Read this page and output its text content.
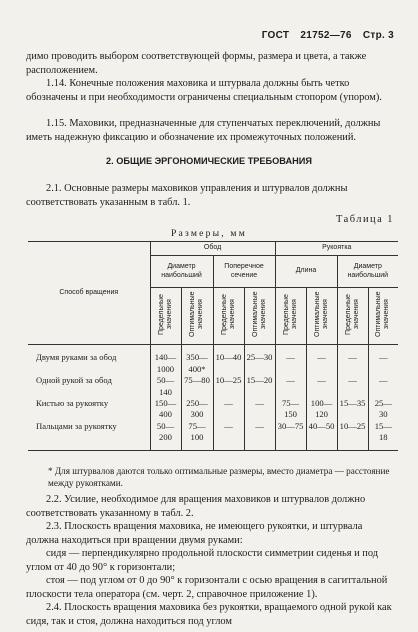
ГОСТ 21752—76 Стр. 3
димо проводить выбором соответствующей формы, размера и цвета, а также расположением.
1.14. Конечные положения маховика и штурвала должны быть четко обозначены и при необходимости ограничены специальным стопором (упором).
1.15. Маховики, предназначенные для ступенчатых переключений, должны иметь надежную фиксацию и обозначение их промежуточных положений.
2. ОБЩИЕ ЭРГОНОМИЧЕСКИЕ ТРЕБОВАНИЯ
2.1. Основные размеры маховиков управления и штурвалов должны соответствовать указанным в табл. 1.
Таблица 1
Размеры, мм
Способ вращения	Обод				Рукоятка			
	Диаметр наибольший		Поперечное сечение		Длина		Диаметр наибольший	
	Предельные значения	Оптимальные значения	Предельные значения	Оптимальные значения	Предельные значения	Оптимальные значения	Предельные значения	Оптимальные значения
Двумя руками за обод	140—1000	350—400*	10—40	25—30	—	—	—	—
Одной рукой за обод	50—140	75—80	10—25	15—20	—	—	—	—
Кистью за рукоятку	150—400	250—300	—	—	75—150	100—120	15—35	25—30
Пальцами за рукоятку	50—200	75—100	—	—	30—75	40—50	10—25	15—18
* Для штурвалов даются только оптимальные размеры, вместо диаметра — расстояние между рукоятками.
2.2. Усилие, необходимое для вращения маховиков и штурвалов должно соответствовать указанному в табл. 2.
2.3. Плоскость вращения маховика, не имеющего рукоятки, и штурвала должна находиться при вращении двумя руками:
сидя — перпендикулярно продольной плоскости симметрии сиденья и под углом от 40 до 90° к горизонтали;
стоя — под углом от 0 до 90° к горизонтали с осью вращения в сагиттальной плоскости тела оператора (см. черт. 2, справочное приложение 1).
2.4. Плоскость вращения маховика без рукоятки, вращаемого одной рукой как сидя, так и стоя, должна находиться под углом
